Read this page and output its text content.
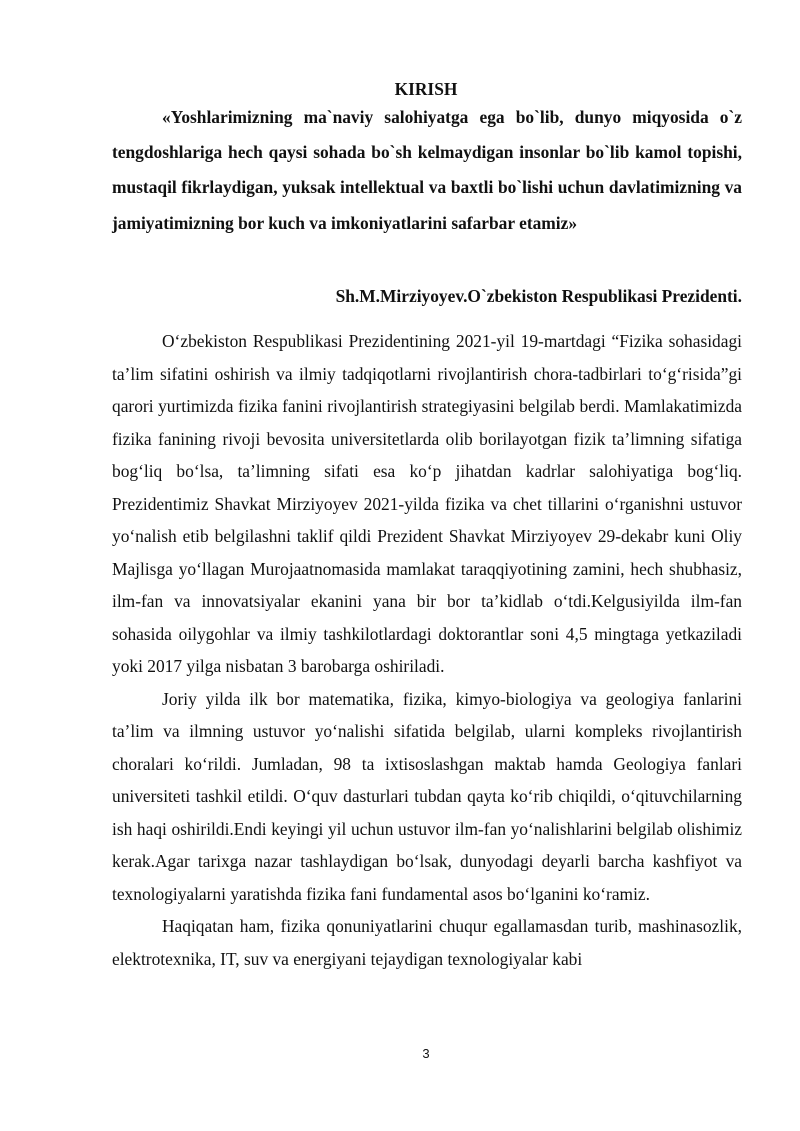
KIRISH
«Yoshlarimizning ma`naviy salohiyatga ega bo`lib, dunyo miqyosida o`z tengdoshlariga hech qaysi sohada bo`sh kelmaydigan insonlar bo`lib kamol topishi, mustaqil fikrlaydigan, yuksak intellektual va baxtli bo`lishi uchun davlatimizning va jamiyatimizning bor kuch va imkoniyatlarini safarbar etamiz»
Sh.M.Mirziyoyev.O`zbekiston Respublikasi Prezidenti.

O‘zbekiston Respublikasi Prezidentining 2021-yil 19-martdagi “Fizika sohasidagi ta’lim sifatini oshirish va ilmiy tadqiqotlarni rivojlantirish chora-tadbirlari to‘g‘risida”gi qarori yurtimizda fizika fanini rivojlantirish strategiyasini belgilab berdi. Mamlakatimizda fizika fanining rivoji bevosita universitetlarda olib borilayotgan fizik ta’limning sifatiga bog‘liq bo‘lsa, ta’limning sifati esa ko‘p jihatdan kadrlar salohiyatiga bog‘liq. Prezidentimiz Shavkat Mirziyoyev 2021-yilda fizika va chet tillarini o‘rganishni ustuvor yo‘nalish etib belgilashni taklif qildi Prezident Shavkat Mirziyoyev 29-dekabr kuni Oliy Majlisga yo‘llagan Murojaatnomasida mamlakat taraqqiyotining zamini, hech shubhasiz, ilm-fan va innovatsiyalar ekanini yana bir bor ta’kidlab o‘tdi.Kelgusiyilda ilm-fan sohasida oilygohlar va ilmiy tashkilotlardagi doktorantlar soni 4,5 mingtaga yetkaziladi yoki 2017 yilga nisbatan 3 barobarga oshiriladi.

Joriy yilda ilk bor matematika, fizika, kimyo-biologiya va geologiya fanlarini ta’lim va ilmning ustuvor yo‘nalishi sifatida belgilab, ularni kompleks rivojlantirish choralari ko‘rildi. Jumladan, 98 ta ixtisoslashgan maktab hamda Geologiya fanlari universiteti tashkil etildi. O‘quv dasturlari tubdan qayta ko‘rib chiqildi, o‘qituvchilarning ish haqi oshirildi.Endi keyingi yil uchun ustuvor ilm-fan yo‘nalishlarini belgilab olishimiz kerak.Agar tarixga nazar tashlaydigan bo‘lsak, dunyodagi deyarli barcha kashfiyot va texnologiyalarni yaratishda fizika fani fundamental asos bo‘lganini ko‘ramiz.

Haqiqatan ham, fizika qonuniyatlarini chuqur egallamasdan turib, mashinasozlik, elektrotexnika, IT, suv va energiyani tejaydigan texnologiyalar kabi

3
